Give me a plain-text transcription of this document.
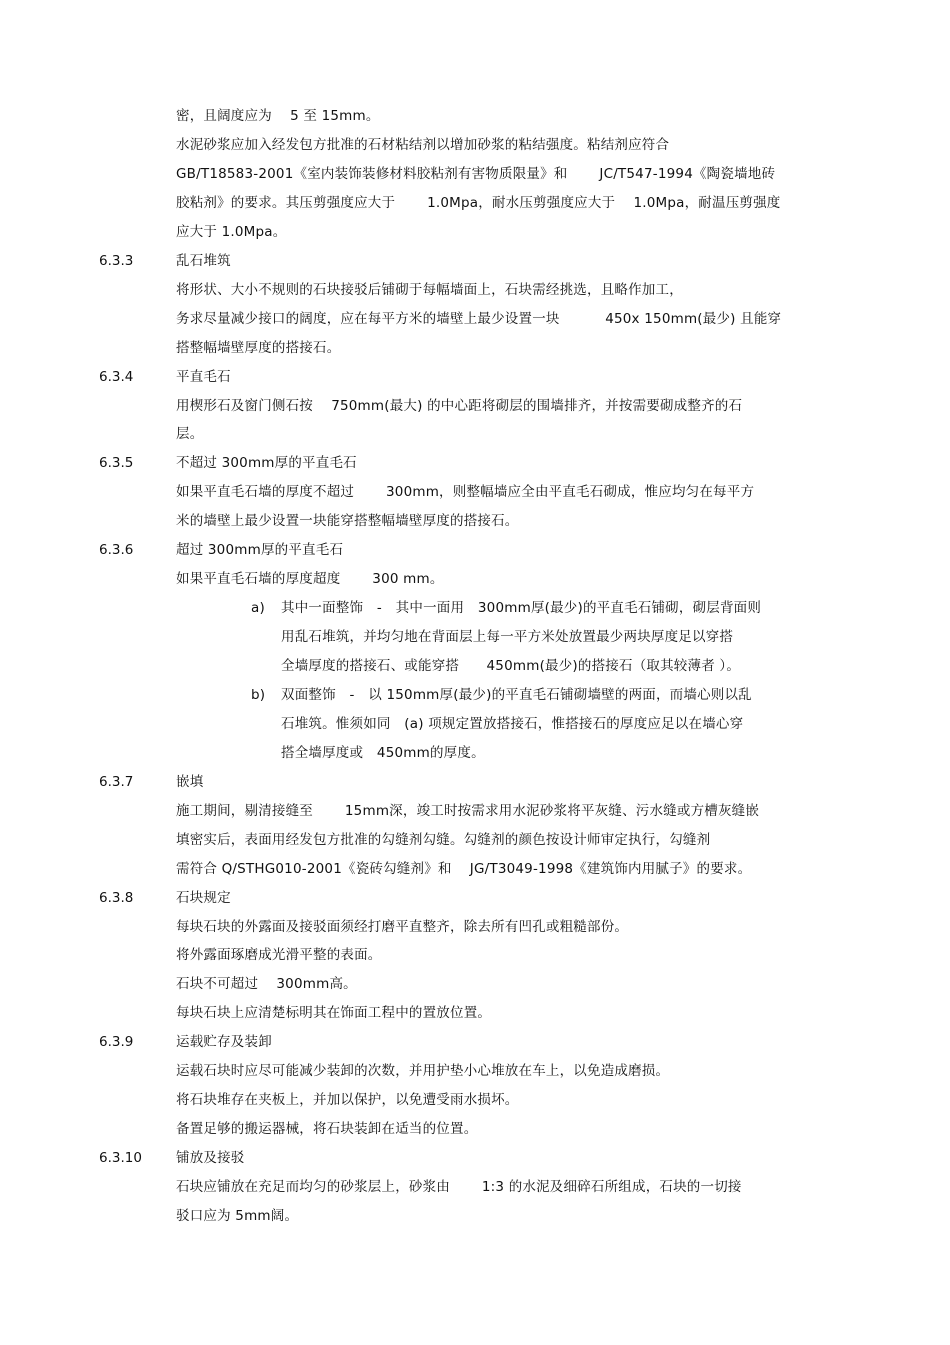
密，且阔度应为　 5 至 15mm。
水泥砂浆应加入经发包方批准的石材粘结剂以增加砂浆的粘结强度。粘结剂应符合
GB/T18583-2001《室内装饰装修材料胶粘剂有害物质限量》和　　 JC/T547-1994《陶瓷墙地砖
胶粘剂》的要求。其压剪强度应大于　　 1.0Mpa，耐水压剪强度应大于　 1.0Mpa，耐温压剪强度
应大于 1.0Mpa。
6.3.3	乱石堆筑
将形状、大小不规则的石块接驳后铺砌于每幅墙面上，石块需经挑选，且略作加工，
务求尽量减少接口的阔度，应在每平方米的墙壁上最少设置一块　　　 450x 150mm(最少) 且能穿
搭整幅墙壁厚度的搭接石。
6.3.4	平直毛石
用楔形石及窗门侧石按　 750mm(最大) 的中心距将砌层的围墙排齐，并按需要砌成整齐的石
层。
6.3.5	不超过 300mm厚的平直毛石
如果平直毛石墙的厚度不超过　　 300mm，则整幅墙应全由平直毛石砌成，惟应均匀在每平方
米的墙壁上最少设置一块能穿搭整幅墙壁厚度的搭接石。
6.3.6	超过 300mm厚的平直毛石
如果平直毛石墙的厚度超度　　 300 mm。
a) 其中一面整饰　-　其中一面用　300mm厚(最少)的平直毛石铺砌，砌层背面则
用乱石堆筑，并均匀地在背面层上每一平方米处放置最少两块厚度足以穿搭
全墙厚度的搭接石、或能穿搭　　450mm(最少)的搭接石（取其较薄者 ）。
b) 双面整饰　-　以 150mm厚(最少)的平直毛石铺砌墙壁的两面，而墙心则以乱
石堆筑。惟须如同　(a) 项规定置放搭接石，惟搭接石的厚度应足以在墙心穿
搭全墙厚度或　450mm的厚度。
6.3.7	嵌填
施工期间，剔清接缝至　　 15mm深，竣工时按需求用水泥砂浆将平灰缝、污水缝或方槽灰缝嵌
填密实后，表面用经发包方批准的勾缝剂勾缝。勾缝剂的颜色按设计师审定执行，勾缝剂
需符合 Q/STHG010-2001《瓷砖勾缝剂》和　 JG/T3049-1998《建筑饰内用腻子》的要求。
6.3.8	石块规定
每块石块的外露面及接驳面须经打磨平直整齐，除去所有凹孔或粗糙部份。
将外露面琢磨成光滑平整的表面。
石块不可超过　 300mm高。
每块石块上应清楚标明其在饰面工程中的置放位置。
6.3.9	运载贮存及装卸
运载石块时应尽可能减少装卸的次数，并用护垫小心堆放在车上，以免造成磨损。
将石块堆存在夹板上，并加以保护，以免遭受雨水损坏。
备置足够的搬运器械，将石块装卸在适当的位置。
6.3.10	铺放及接驳
石块应铺放在充足而均匀的砂浆层上，砂浆由　　 1:3 的水泥及细碎石所组成，石块的一切接
驳口应为 5mm阔。
